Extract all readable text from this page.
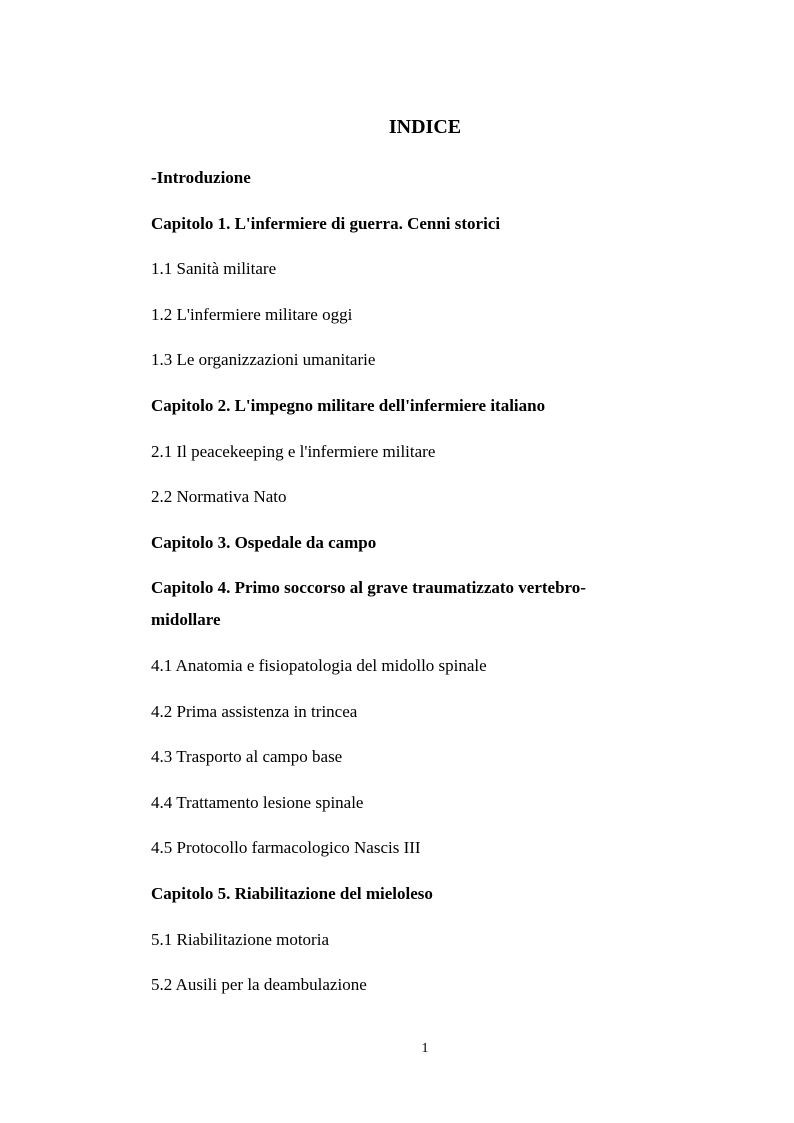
INDICE
-Introduzione
Capitolo 1. L'infermiere di guerra. Cenni storici
1.1 Sanità militare
1.2 L'infermiere militare oggi
1.3 Le organizzazioni umanitarie
Capitolo 2. L'impegno militare dell'infermiere italiano
2.1 Il peacekeeping e l'infermiere militare
2.2 Normativa Nato
Capitolo 3. Ospedale da campo
Capitolo 4. Primo soccorso al grave traumatizzato vertebro-midollare
4.1 Anatomia e fisiopatologia del midollo spinale
4.2 Prima assistenza in trincea
4.3 Trasporto al campo base
4.4 Trattamento lesione spinale
4.5 Protocollo farmacologico Nascis III
Capitolo 5. Riabilitazione del mieloleso
5.1 Riabilitazione motoria
5.2 Ausili per la deambulazione
1
